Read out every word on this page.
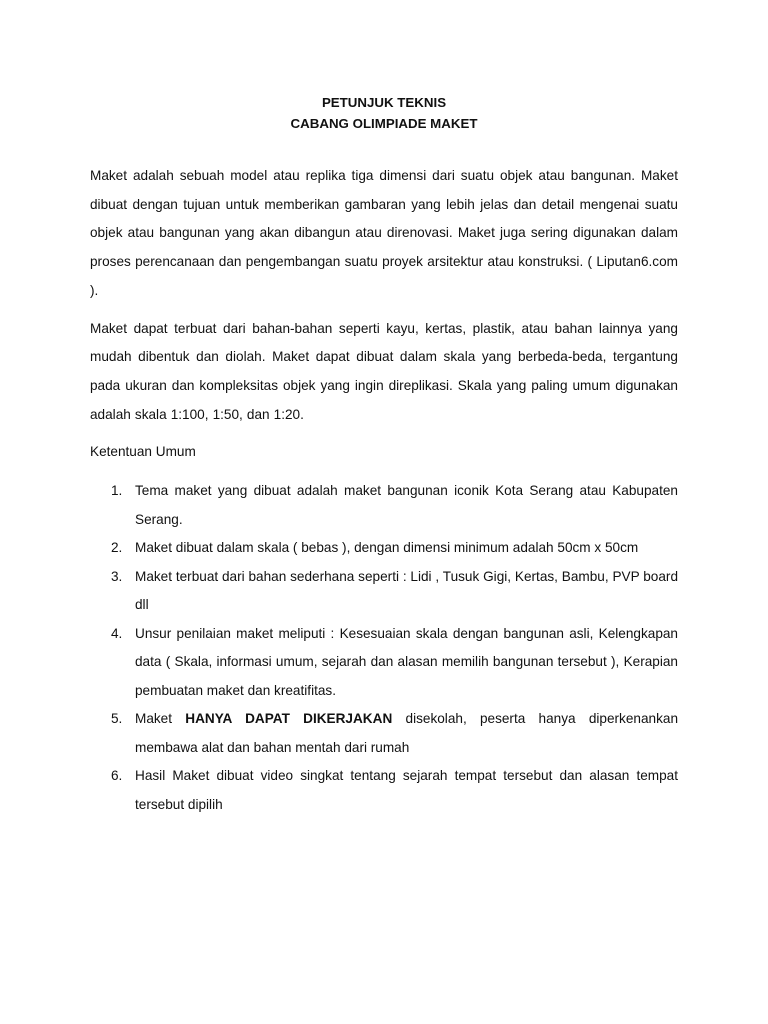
PETUNJUK TEKNIS

CABANG OLIMPIADE MAKET

Maket adalah sebuah model atau replika tiga dimensi dari suatu objek atau bangunan. Maket dibuat dengan tujuan untuk memberikan gambaran yang lebih jelas dan detail mengenai suatu objek atau bangunan yang akan dibangun atau direnovasi. Maket juga sering digunakan dalam proses perencanaan dan pengembangan suatu proyek arsitektur atau konstruksi. ( Liputan6.com ).

Maket dapat terbuat dari bahan-bahan seperti kayu, kertas, plastik, atau bahan lainnya yang mudah dibentuk dan diolah. Maket dapat dibuat dalam skala yang berbeda-beda, tergantung pada ukuran dan kompleksitas objek yang ingin direplikasi. Skala yang paling umum digunakan adalah skala 1:100, 1:50, dan 1:20.

Ketentuan Umum

1. Tema maket yang dibuat adalah maket bangunan iconik Kota Serang atau Kabupaten Serang.
2. Maket dibuat dalam skala ( bebas ), dengan dimensi minimum adalah 50cm x 50cm
3. Maket terbuat dari bahan sederhana seperti : Lidi , Tusuk Gigi, Kertas, Bambu, PVP board dll
4. Unsur penilaian maket meliputi : Kesesuaian skala dengan bangunan asli, Kelengkapan data ( Skala, informasi umum, sejarah dan alasan memilih bangunan tersebut ), Kerapian pembuatan maket dan kreatifitas.
5. Maket HANYA DAPAT DIKERJAKAN disekolah, peserta hanya diperkenankan membawa alat dan bahan mentah dari rumah
6. Hasil Maket dibuat video singkat tentang sejarah tempat tersebut dan alasan tempat tersebut dipilih
